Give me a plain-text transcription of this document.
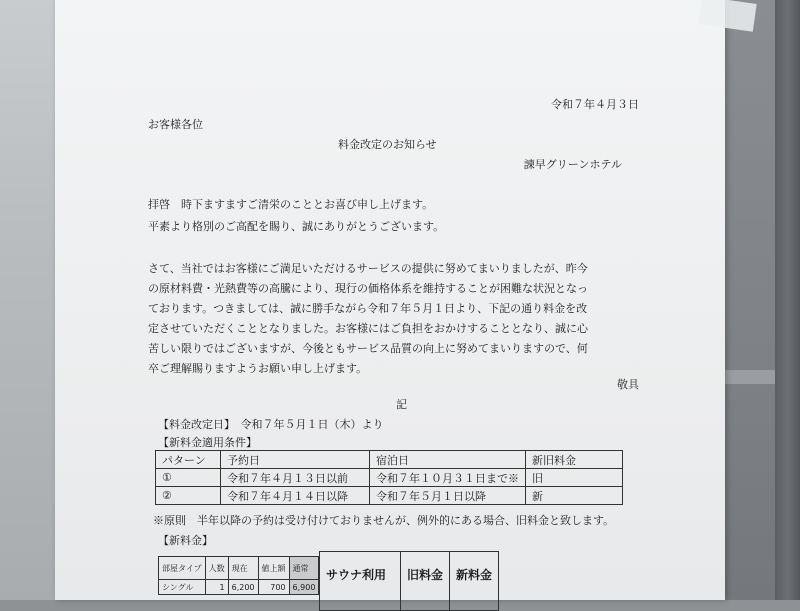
令和７年４月３日
お客様各位
料金改定のお知らせ
諫早グリーンホテル
拝啓　時下ますますご清栄のこととお喜び申し上げます。
平素より格別のご高配を賜り、誠にありがとうございます。
さて、当社ではお客様にご満足いただけるサービスの提供に努めてまいりましたが、昨今
の原材料費・光熱費等の高騰により、現行の価格体系を維持することが困難な状況となっ
ております。つきましては、誠に勝手ながら令和７年５月１日より、下記の通り料金を改
定させていただくこととなりました。お客様にはご負担をおかけすることとなり、誠に心
苦しい限りではございますが、今後ともサービス品質の向上に努めてまいりますので、何
卒ご理解賜りますようお願い申し上げます。
敬具
記
【料金改定日】　令和７年５月１日（木）より
【新料金適用条件】
パターン	予約日	宿泊日	新旧料金
①	令和７年４月１３日以前	令和７年１０月３１日まで※	旧
②	令和７年４月１４日以降	令和７年５月１日以降	新
※原則　半年以降の予約は受け付けておりませんが、例外的にある場合、旧料金と致します。
【新料金】
部屋タイプ	人数	現在	値上額	通常
シングル	1	6,200	700	6,900
サウナ利用	旧料金	新料金
